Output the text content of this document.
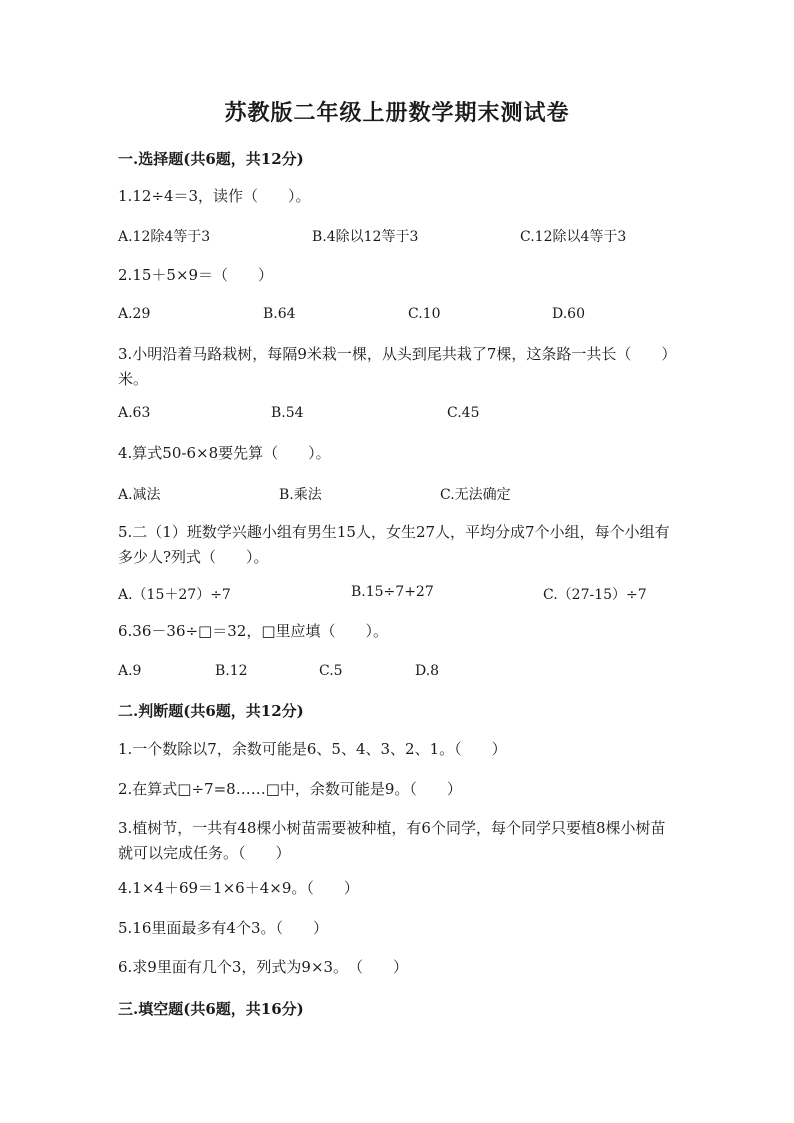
苏教版二年级上册数学期末测试卷
一.选择题(共6题，共12分)
1.12÷4＝3，读作（　　）。
A.12除4等于3	B.4除以12等于3	C.12除以4等于3
2.15＋5×9＝（　　）
A.29	B.64	C.10	D.60
3.小明沿着马路栽树，每隔9米栽一棵，从头到尾共栽了7棵，这条路一共长（　　）米。
A.63	B.54	C.45
4.算式50-6×8要先算（　　）。
A.减法	B.乘法	C.无法确定
5.二（1）班数学兴趣小组有男生15人，女生27人，平均分成7个小组，每个小组有多少人?列式（　　）。
A.（15＋27）÷7	B.15÷7+27	C.（27-15）÷7
6.36－36÷□＝32，□里应填（　　）。
A.9	B.12	C.5	D.8
二.判断题(共6题，共12分)
1.一个数除以7，余数可能是6、5、4、3、2、1。（　　）
2.在算式□÷7=8……□中，余数可能是9。（　　）
3.植树节，一共有48棵小树苗需要被种植，有6个同学，每个同学只要植8棵小树苗就可以完成任务。（　　）
4.1×4＋69＝1×6＋4×9。（　　）
5.16里面最多有4个3。（　　）
6.求9里面有几个3，列式为9×3。　（　　）
三.填空题(共6题，共16分)
